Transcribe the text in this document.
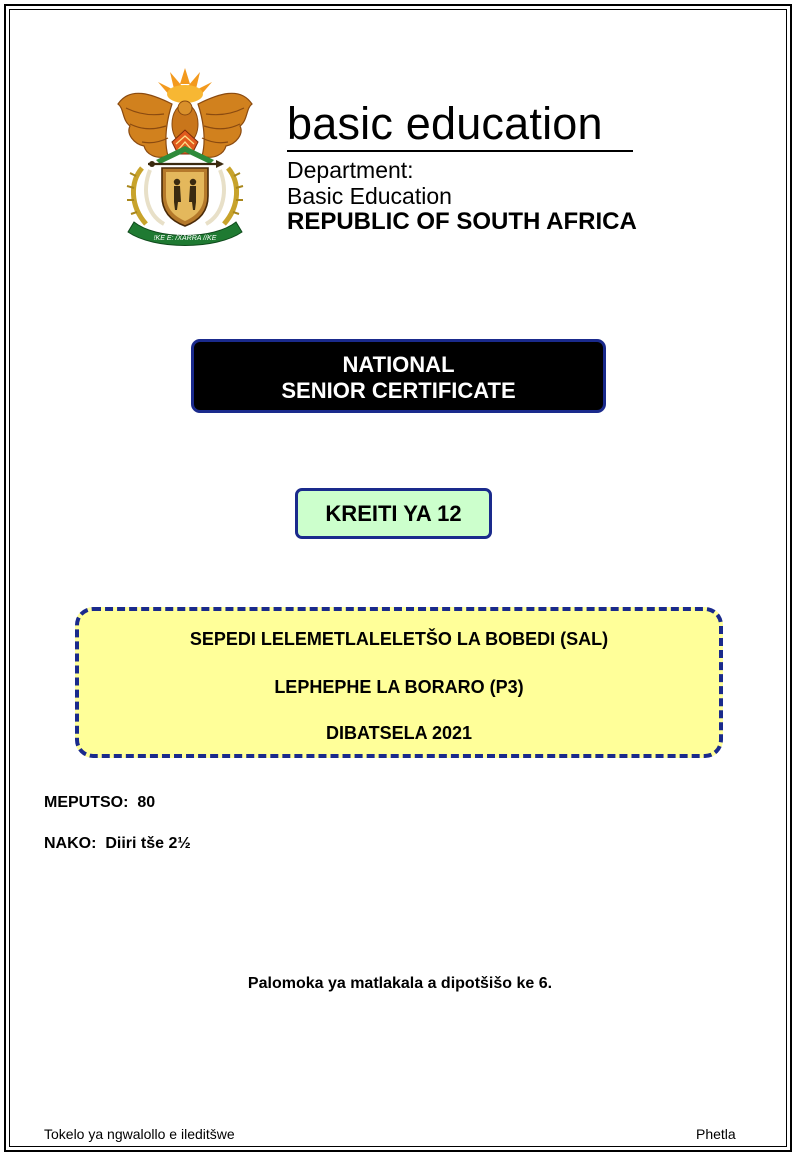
!KE E: /XARRA //KE
basic education
Department:
Basic Education
REPUBLIC OF SOUTH AFRICA
NATIONAL
SENIOR CERTIFICATE
KREITI YA 12
SEPEDI LELEMETLALELETŠO LA BOBEDI (SAL)
LEPHEPHE LA BORARO (P3)
DIBATSELA 2021
MEPUTSO:  80
NAKO:  Diiri tše 2½
Palomoka ya matlakala a dipotšišo ke 6.
Tokelo ya ngwalollo e ileditšwe	Phetla
